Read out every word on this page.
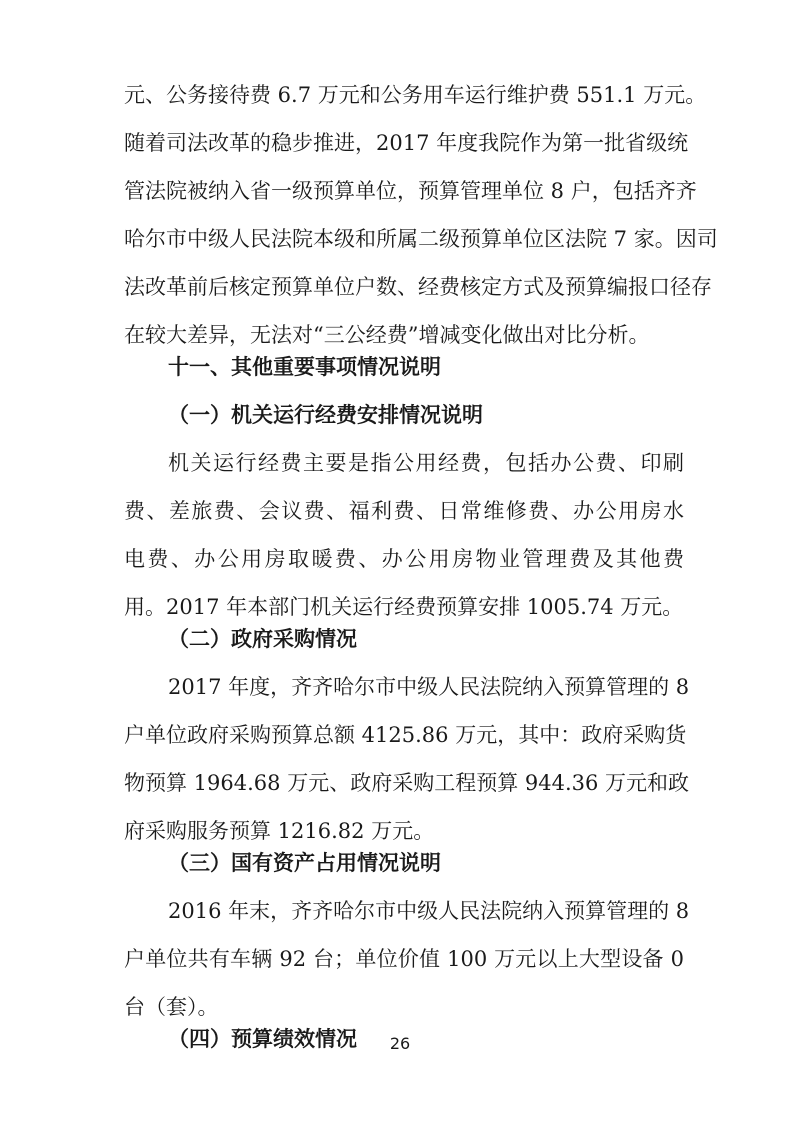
元、公务接待费 6.7 万元和公务用车运行维护费 551.1 万元。
随着司法改革的稳步推进，2017 年度我院作为第一批省级统
管法院被纳入省一级预算单位，预算管理单位 8 户，包括齐齐
哈尔市中级人民法院本级和所属二级预算单位区法院 7 家。因司
法改革前后核定预算单位户数、经费核定方式及预算编报口径存
在较大差异，无法对“三公经费”增减变化做出对比分析。
十一、其他重要事项情况说明
（一）机关运行经费安排情况说明
机关运行经费主要是指公用经费，包括办公费、印刷
费、差旅费、会议费、福利费、日常维修费、办公用房水
电费、办公用房取暖费、办公用房物业管理费及其他费
用。2017 年本部门机关运行经费预算安排 1005.74 万元。
（二）政府采购情况
2017 年度，齐齐哈尔市中级人民法院纳入预算管理的 8
户单位政府采购预算总额 4125.86 万元，其中：政府采购货
物预算 1964.68 万元、政府采购工程预算 944.36 万元和政
府采购服务预算 1216.82 万元。
（三）国有资产占用情况说明
2016 年末，齐齐哈尔市中级人民法院纳入预算管理的 8
户单位共有车辆 92 台；单位价值 100 万元以上大型设备 0
台（套）。
（四）预算绩效情况	26
